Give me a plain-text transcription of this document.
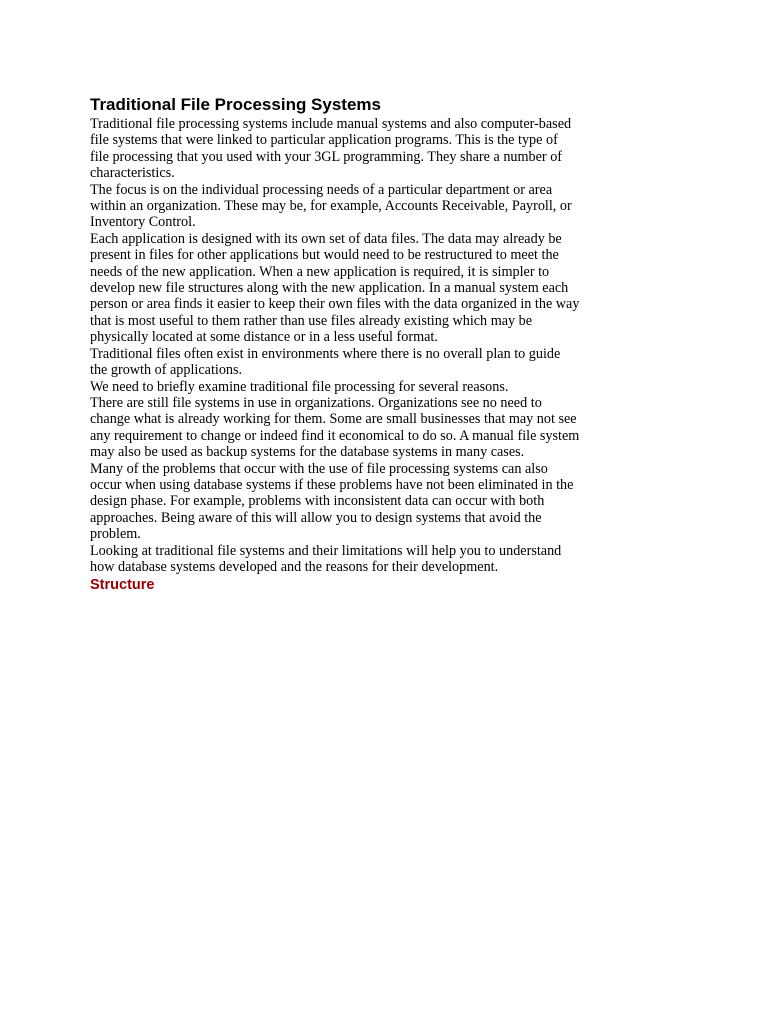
Traditional File Processing Systems

Traditional file processing systems include manual systems and also computer-based file systems that were linked to particular application programs. This is the type of file processing that you used with your 3GL programming. They share a number of characteristics.

The focus is on the individual processing needs of a particular department or area within an organization. These may be, for example, Accounts Receivable, Payroll, or Inventory Control.

Each application is designed with its own set of data files. The data may already be present in files for other applications but would need to be restructured to meet the needs of the new application. When a new application is required, it is simpler to develop new file structures along with the new application. In a manual system each person or area finds it easier to keep their own files with the data organized in the way that is most useful to them rather than use files already existing which may be physically located at some distance or in a less useful format.

Traditional files often exist in environments where there is no overall plan to guide the growth of applications.

We need to briefly examine traditional file processing for several reasons.

There are still file systems in use in organizations. Organizations see no need to change what is already working for them. Some are small businesses that may not see any requirement to change or indeed find it economical to do so. A manual file system may also be used as backup systems for the database systems in many cases.

Many of the problems that occur with the use of file processing systems can also occur when using database systems if these problems have not been eliminated in the design phase. For example, problems with inconsistent data can occur with both approaches. Being aware of this will allow you to design systems that avoid the problem.

Looking at traditional file systems and their limitations will help you to understand how database systems developed and the reasons for their development.

Structure
